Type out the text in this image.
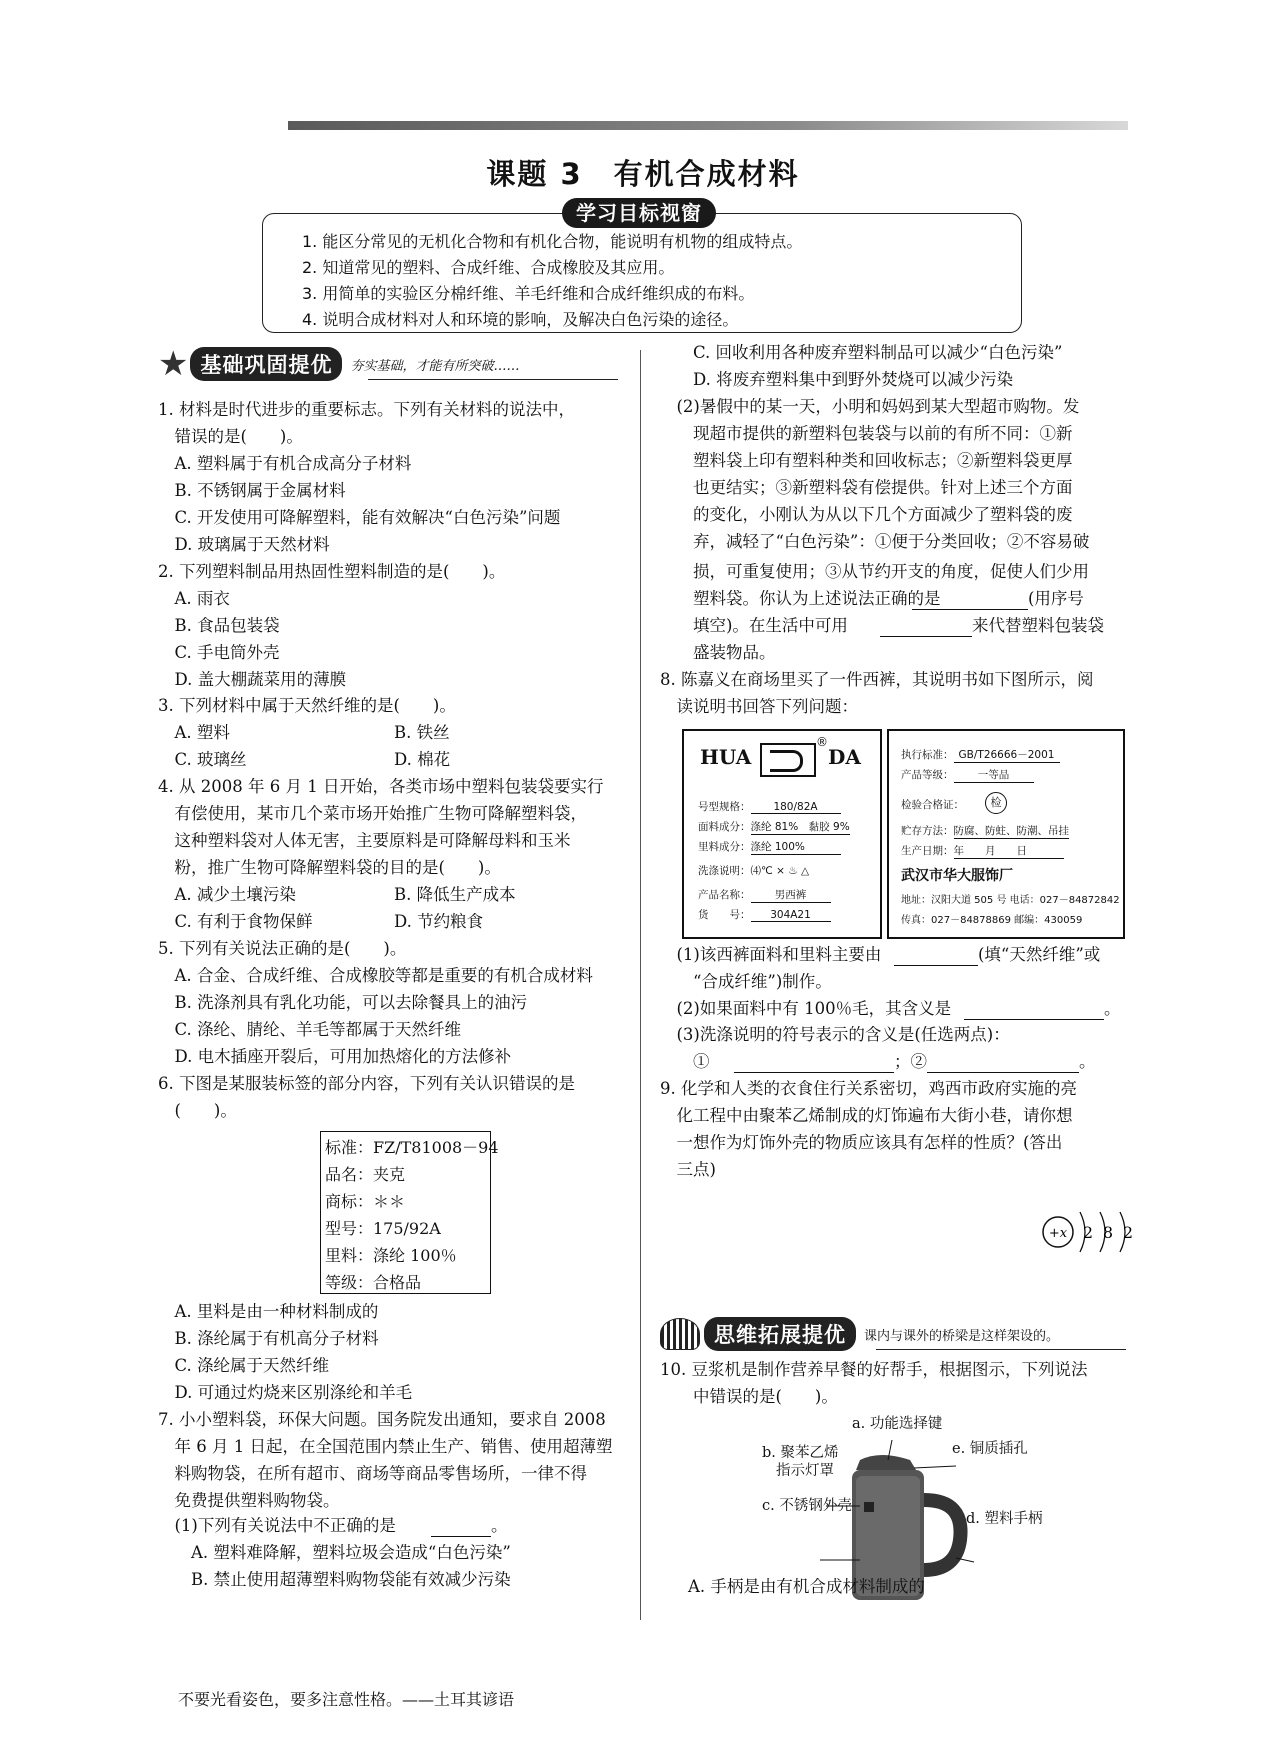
课题 3　有机合成材料
学习目标视窗
1. 能区分常见的无机化合物和有机化合物，能说明有机物的组成特点。
2. 知道常见的塑料、合成纤维、合成橡胶及其应用。
3. 用简单的实验区分棉纤维、羊毛纤维和合成纤维织成的布料。
4. 说明合成材料对人和环境的影响，及解决白色污染的途径。
★ 基础巩固提优	夯实基础，才能有所突破……
1. 材料是时代进步的重要标志。下列有关材料的说法中，
　错误的是(　　)。
　A. 塑料属于有机合成高分子材料
　B. 不锈钢属于金属材料
　C. 开发使用可降解塑料，能有效解决“白色污染”问题
　D. 玻璃属于天然材料
2. 下列塑料制品用热固性塑料制造的是(　　)。
　A. 雨衣
　B. 食品包装袋
　C. 手电筒外壳
　D. 盖大棚蔬菜用的薄膜
3. 下列材料中属于天然纤维的是(　　)。
　A. 塑料
　C. 玻璃丝
4. 从 2008 年 6 月 1 日开始，各类市场中塑料包装袋要实行
　有偿使用，某市几个菜市场开始推广生物可降解塑料袋，
　这种塑料袋对人体无害，主要原料是可降解母料和玉米
　粉，推广生物可降解塑料袋的目的是(　　)。
　A. 减少土壤污染
　C. 有利于食物保鲜
5. 下列有关说法正确的是(　　)。
　A. 合金、合成纤维、合成橡胶等都是重要的有机合成材料
　B. 洗涤剂具有乳化功能，可以去除餐具上的油污
　C. 涤纶、腈纶、羊毛等都属于天然纤维
　D. 电木插座开裂后，可用加热熔化的方法修补
6. 下图是某服装标签的部分内容，下列有关认识错误的是
　(　　)。
　A. 里料是由一种材料制成的
　B. 涤纶属于有机高分子材料
　C. 涤纶属于天然纤维
　D. 可通过灼烧来区别涤纶和羊毛
7. 小小塑料袋，环保大问题。国务院发出通知，要求自 2008
　年 6 月 1 日起，在全国范围内禁止生产、销售、使用超薄塑
　料购物袋，在所有超市、商场等商品零售场所，一律不得
　免费提供塑料购物袋。
　(1)下列有关说法中不正确的是
　　A. 塑料难降解，塑料垃圾会造成“白色污染”
　　B. 禁止使用超薄塑料购物袋能有效减少污染
B. 铁丝
D. 棉花
B. 降低生产成本
D. 节约粮食
。
标准：FZ/T81008－94
品名：夹克
商标：＊＊
型号：175/92A
里料：涤纶 100％
等级：合格品
　　C. 回收利用各种废弃塑料制品可以减少“白色污染”
　　D. 将废弃塑料集中到野外焚烧可以减少污染
　(2)暑假中的某一天，小明和妈妈到某大型超市购物。发
　　现超市提供的新塑料包装袋与以前的有所不同：①新
　　塑料袋上印有塑料种类和回收标志；②新塑料袋更厚
　　也更结实；③新塑料袋有偿提供。针对上述三个方面
　　的变化，小刚认为从以下几个方面减少了塑料袋的废
　　弃，减轻了“白色污染”：①便于分类回收；②不容易破
　　损，可重复使用；③从节约开支的角度，促使人们少用
　　塑料袋。你认为上述说法正确的是
　　填空)。在生活中可用
　　盛装物品。
8. 陈嘉义在商场里买了一件西裤，其说明书如下图所示，阅
　读说明书回答下列问题：
(用序号
来代替塑料包装袋
HUA
®
DA
号型规格： 180/82A
面料成分：涤纶 81%　黏胶 9%
里料成分：涤纶 100%
洗涤说明：⑷℃ ⨯ ♨ △
产品名称： 男西裤
货　　号： 304A21
执行标准： GB/T26666－2001
产品等级： 一等品
检验合格证：	检
贮存方法：防腐、防蛀、防潮、吊挂
生产日期：年　　月　　日
武汉市华大服饰厂
地址：汉阳大道 505 号 电话：027－84872842
传真：027－84878869 邮编：430059
　(1)该西裤面料和里料主要由
　　“合成纤维”)制作。
　(2)如果面料中有 100％毛，其含义是
　(3)洗涤说明的符号表示的含义是(任选两点)：
　　①
(填“天然纤维”或
。
；②	。
9. 化学和人类的衣食住行关系密切，鸡西市政府实施的亮
　化工程中由聚苯乙烯制成的灯饰遍布大街小巷，请你想
　一想作为灯饰外壳的物质应该具有怎样的性质？(答出
　三点)
+x 2 8 2
思维拓展提优	课内与课外的桥梁是这样架设的。
10. 豆浆机是制作营养早餐的好帮手，根据图示，下列说法
　　中错误的是(　　)。
a. 功能选择键
b. 聚苯乙烯
指示灯罩
e. 铜质插孔
c. 不锈钢外壳
d. 塑料手柄
A. 手柄是由有机合成材料制成的
不要光看姿色，要多注意性格。——土耳其谚语
